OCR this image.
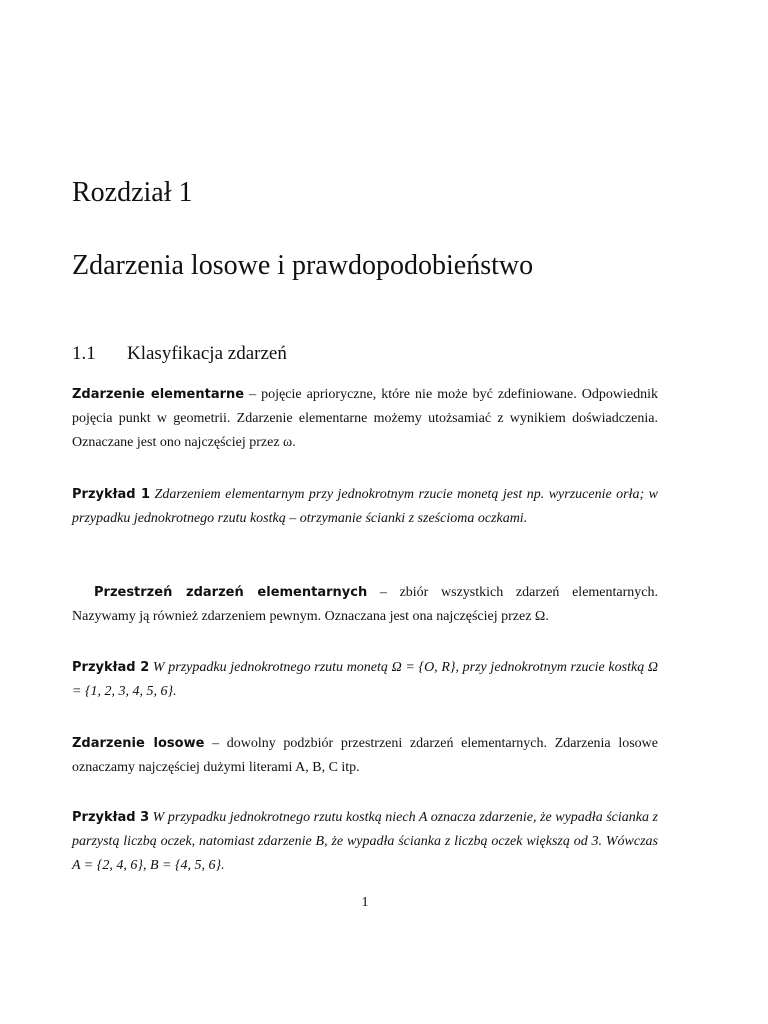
Rozdział 1
Zdarzenia losowe i prawdopodobieństwo
1.1 Klasyfikacja zdarzeń
Zdarzenie elementarne – pojęcie aprioryczne, które nie może być zdefiniowane. Odpowiednik pojęcia punkt w geometrii. Zdarzenie elementarne możemy utożsamiać z wynikiem doświadczenia. Oznaczane jest ono najczęściej przez ω.
Przykład 1 Zdarzeniem elementarnym przy jednokrotnym rzucie monetą jest np. wyrzucenie orła; w przypadku jednokrotnego rzutu kostką – otrzymanie ścianki z sześcioma oczkami.
Przestrzeń zdarzeń elementarnych – zbiór wszystkich zdarzeń elementarnych. Nazywamy ją również zdarzeniem pewnym. Oznaczana jest ona najczęściej przez Ω.
Przykład 2 W przypadku jednokrotnego rzutu monetą Ω = {O, R}, przy jednokrotnym rzucie kostką Ω = {1, 2, 3, 4, 5, 6}.
Zdarzenie losowe – dowolny podzbiór przestrzeni zdarzeń elementarnych. Zdarzenia losowe oznaczamy najczęściej dużymi literami A, B, C itp.
Przykład 3 W przypadku jednokrotnego rzutu kostką niech A oznacza zdarzenie, że wypadła ścianka z parzystą liczbą oczek, natomiast zdarzenie B, że wypadła ścianka z liczbą oczek większą od 3. Wówczas A = {2, 4, 6}, B = {4, 5, 6}.
1
